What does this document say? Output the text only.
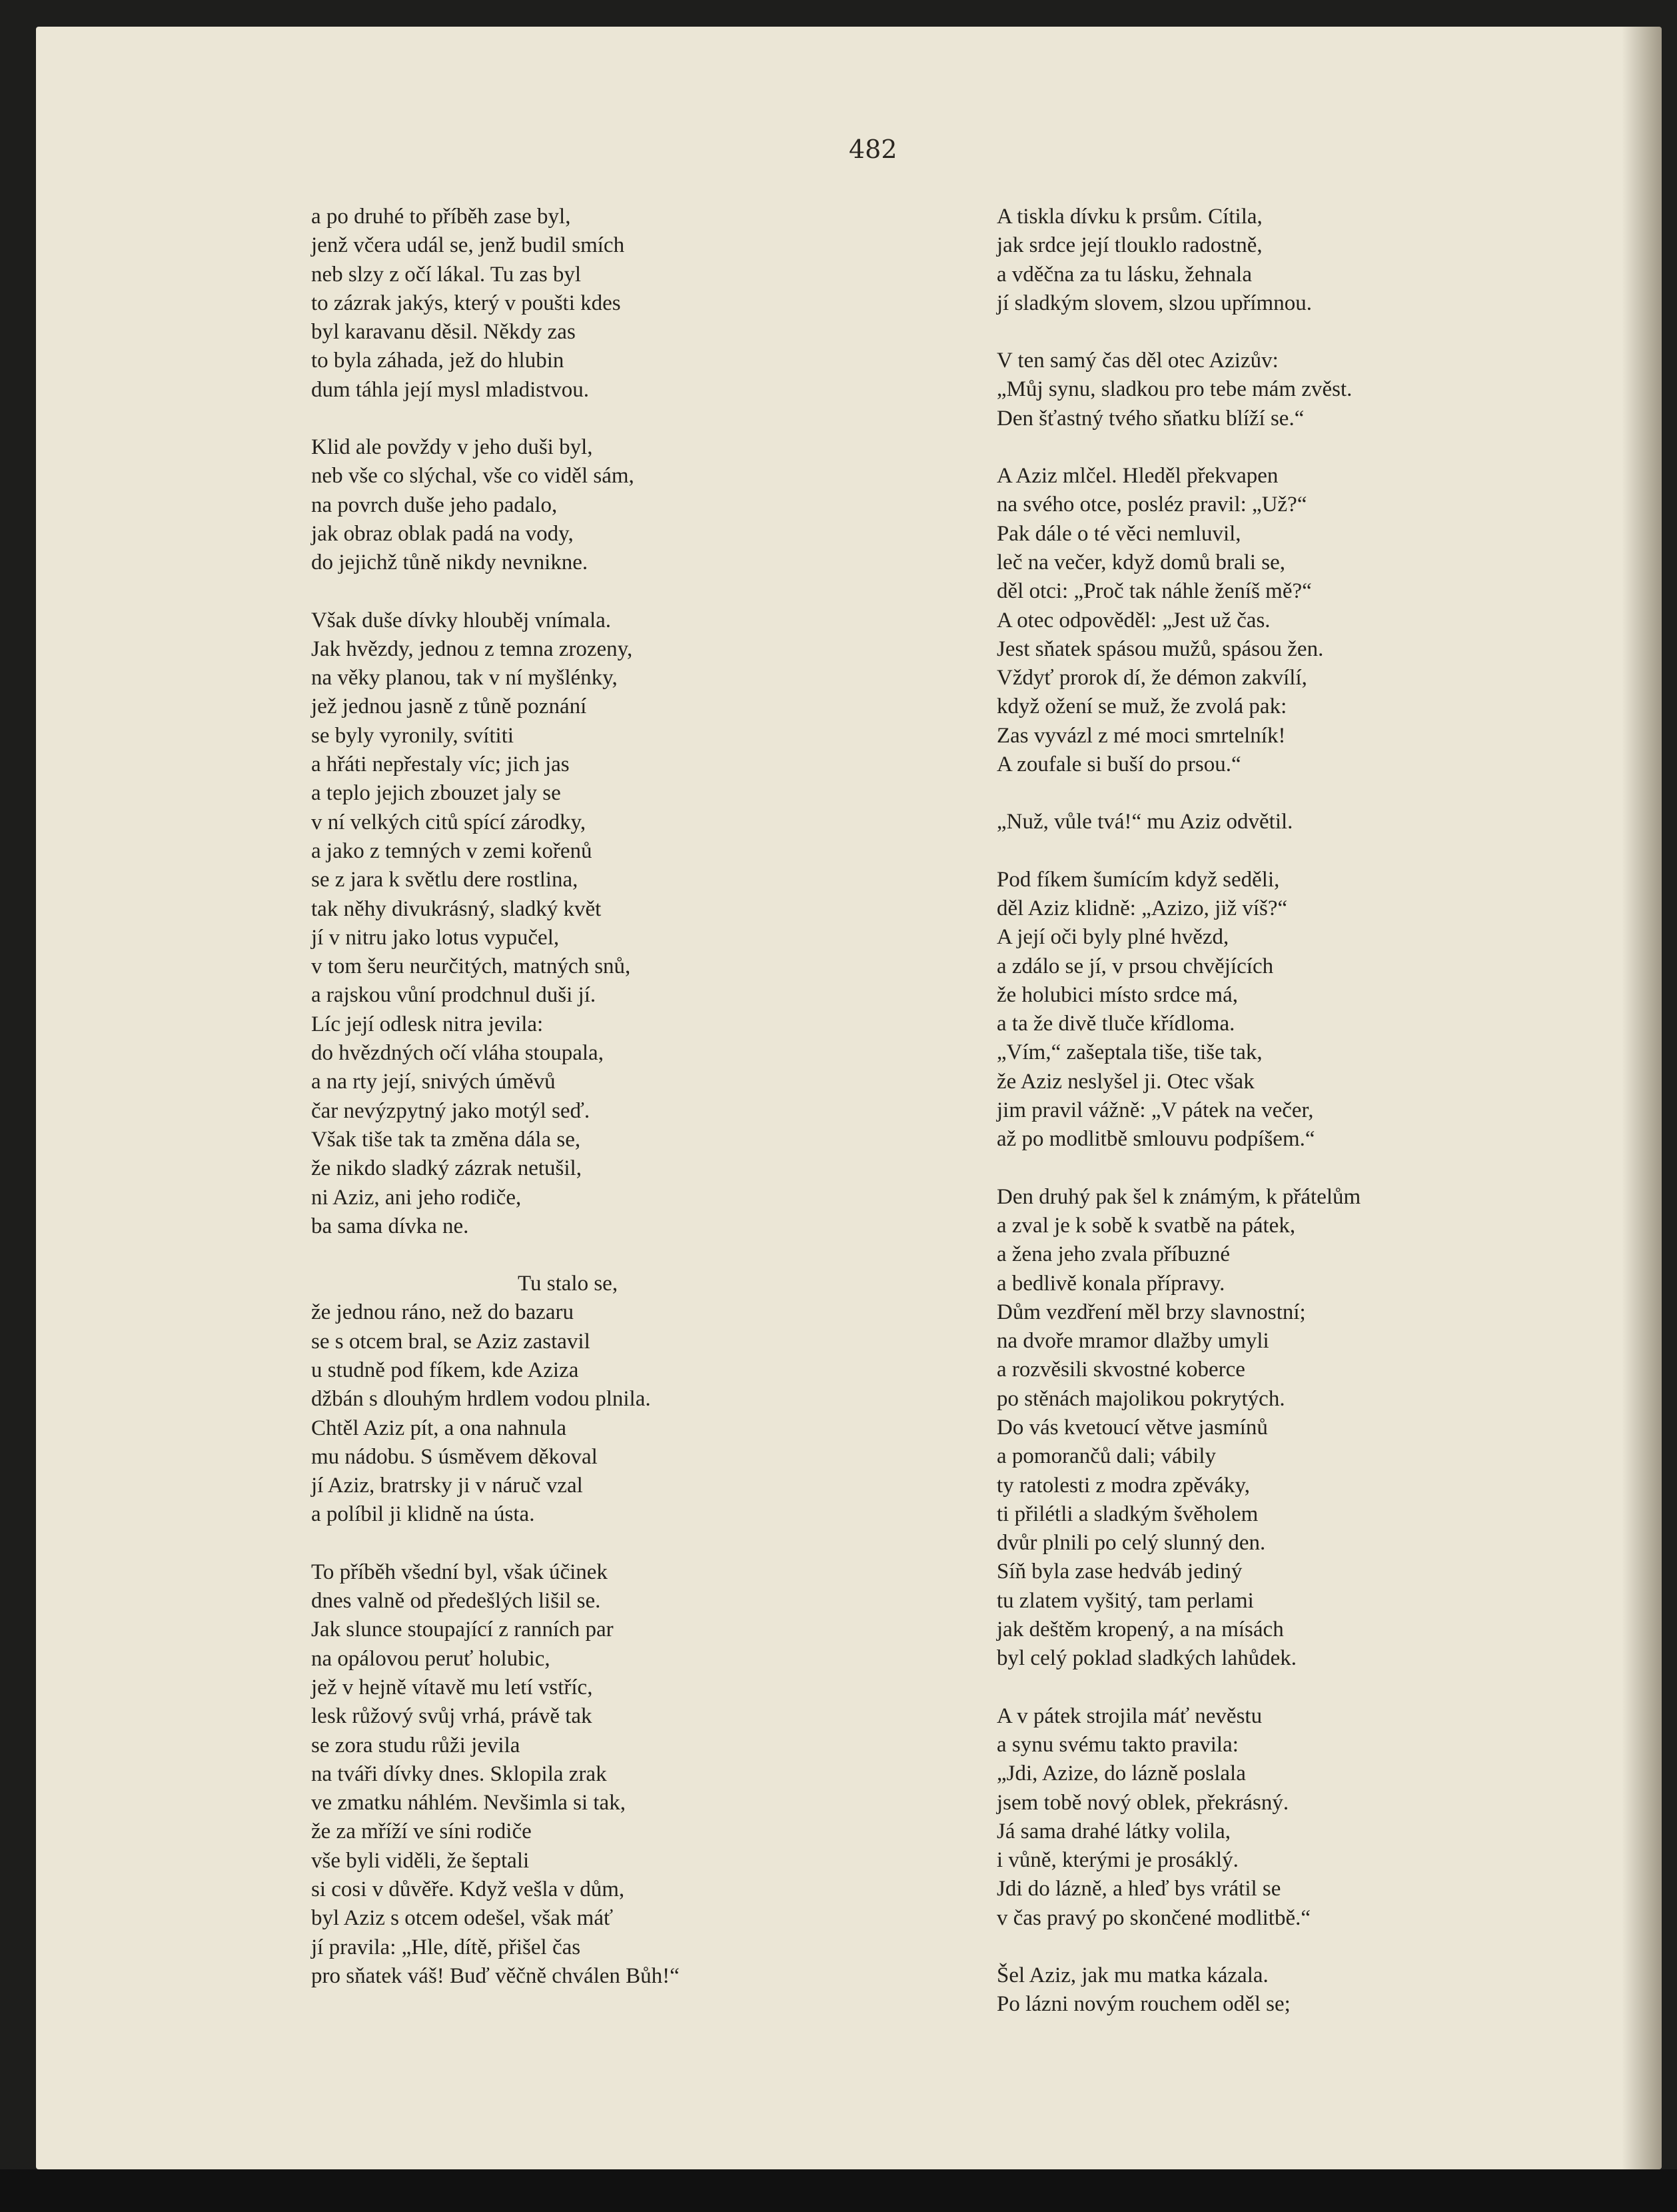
482
a po druhé to příběh zase byl,
jenž včera udál se, jenž budil smích
neb slzy z očí lákal. Tu zas byl
to zázrak jakýs, který v poušti kdes
byl karavanu děsil. Někdy zas
to byla záhada, jež do hlubin
dum táhla její mysl mladistvou.
Klid ale povždy v jeho duši byl,
neb vše co slýchal, vše co viděl sám,
na povrch duše jeho padalo,
jak obraz oblak padá na vody,
do jejichž tůně nikdy nevnikne.
Však duše dívky hlouběj vnímala.
Jak hvězdy, jednou z temna zrozeny,
na věky planou, tak v ní myšlénky,
jež jednou jasně z tůně poznání
se byly vyronily, svítiti
a hřáti nepřestaly víc; jich jas
a teplo jejich zbouzet jaly se
v ní velkých citů spící zárodky,
a jako z temných v zemi kořenů
se z jara k světlu dere rostlina,
tak něhy divukrásný, sladký květ
jí v nitru jako lotus vypučel,
v tom šeru neurčitých, matných snů,
a rajskou vůní prodchnul duši jí.
Líc její odlesk nitra jevila:
do hvězdných očí vláha stoupala,
a na rty její, snivých úměvů
čar nevýzpytný jako motýl seď.
Však tiše tak ta změna dála se,
že nikdo sladký zázrak netušil,
ni Aziz, ani jeho rodiče,
ba sama dívka ne.
Tu stalo se,
že jednou ráno, než do bazaru
se s otcem bral, se Aziz zastavil
u studně pod fíkem, kde Aziza
džbán s dlouhým hrdlem vodou plnila.
Chtěl Aziz pít, a ona nahnula
mu nádobu. S úsměvem děkoval
jí Aziz, bratrsky ji v náruč vzal
a políbil ji klidně na ústa.
To příběh všední byl, však účinek
dnes valně od předešlých lišil se.
Jak slunce stoupající z ranních par
na opálovou peruť holubic,
jež v hejně vítavě mu letí vstříc,
lesk růžový svůj vrhá, právě tak
se zora studu růži jevila
na tváři dívky dnes. Sklopila zrak
ve zmatku náhlém. Nevšimla si tak,
že za mříží ve síni rodiče
vše byli viděli, že šeptali
si cosi v důvěře. Když vešla v dům,
byl Aziz s otcem odešel, však máť
jí pravila: „Hle, dítě, přišel čas
pro sňatek váš! Buď věčně chválen Bůh!“
A tiskla dívku k prsům. Cítila,
jak srdce její tlouklo radostně,
a vděčna za tu lásku, žehnala
jí sladkým slovem, slzou upřímnou.
V ten samý čas děl otec Azizův:
„Můj synu, sladkou pro tebe mám zvěst.
Den šťastný tvého sňatku blíží se.“
A Aziz mlčel. Hleděl překvapen
na svého otce, posléz pravil: „Už?“
Pak dále o té věci nemluvil,
leč na večer, když domů brali se,
děl otci: „Proč tak náhle ženíš mě?“
A otec odpověděl: „Jest už čas.
Jest sňatek spásou mužů, spásou žen.
Vždyť prorok dí, že démon zakvílí,
když ožení se muž, že zvolá pak:
Zas vyvázl z mé moci smrtelník!
A zoufale si buší do prsou.“
„Nuž, vůle tvá!“ mu Aziz odvětil.
Pod fíkem šumícím když seděli,
děl Aziz klidně: „Azizo, již víš?“
A její oči byly plné hvězd,
a zdálo se jí, v prsou chvějících
že holubici místo srdce má,
a ta že divě tluče křídloma.
„Vím,“ zašeptala tiše, tiše tak,
že Aziz neslyšel ji. Otec však
jim pravil vážně: „V pátek na večer,
až po modlitbě smlouvu podpíšem.“
Den druhý pak šel k známým, k přátelům
a zval je k sobě k svatbě na pátek,
a žena jeho zvala příbuzné
a bedlivě konala přípravy.
Dům vezdření měl brzy slavnostní;
na dvoře mramor dlažby umyli
a rozvěsili skvostné koberce
po stěnách majolikou pokrytých.
Do vás kvetoucí větve jasmínů
a pomorančů dali; vábily
ty ratolesti z modra zpěváky,
ti přilétli a sladkým švěholem
dvůr plnili po celý slunný den.
Síň byla zase hedváb jediný
tu zlatem vyšitý, tam perlami
jak deštěm kropený, a na mísách
byl celý poklad sladkých lahůdek.
A v pátek strojila máť nevěstu
a synu svému takto pravila:
„Jdi, Azize, do lázně poslala
jsem tobě nový oblek, překrásný.
Já sama drahé látky volila,
i vůně, kterými je prosáklý.
Jdi do lázně, a hleď bys vrátil se
v čas pravý po skončené modlitbě.“
Šel Aziz, jak mu matka kázala.
Po lázni novým rouchem oděl se;
